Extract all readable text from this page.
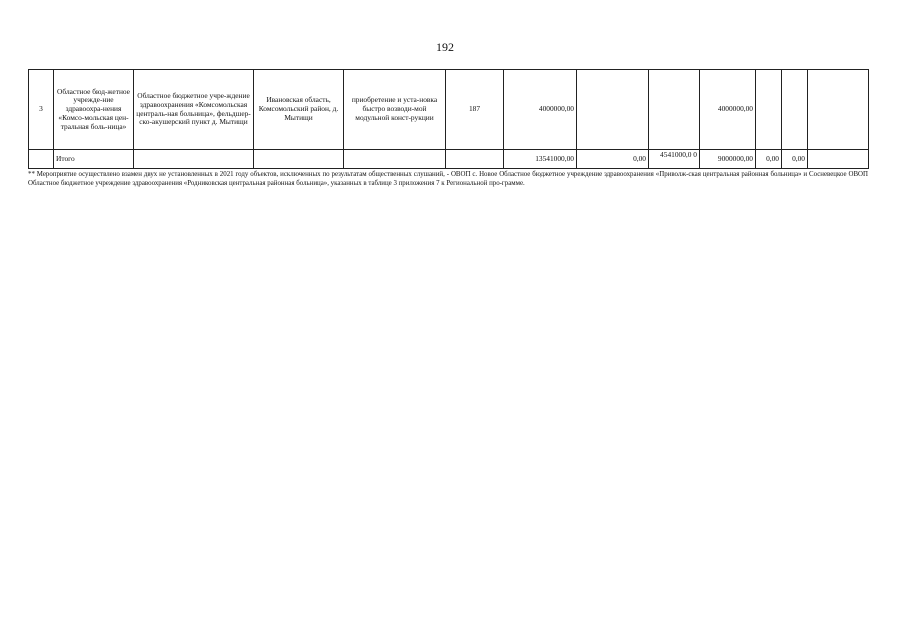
192
3	Областное бюд-жетное учрежде-ние здравоохра-нения «Комсо-мольская цен-тральная боль-ница»	Областное бюджетное учре-ждение здравоохранения «Комсомольская централь-ная больница», фельдшер-ско-акушерский пункт д. Мытищи	Ивановская область, Комсомольский район, д. Мытищи	приобретение и уста-новка быстро возводи-мой модульной конст-рукции	187	4000000,00			4000000,00			
	Итого					13541000,00	0,00	4541000,0 0	9000000,00	0,00	0,00	
** Мероприятие осуществлено взамен двух не установленных в 2021 году объектов, исключенных по результатам общественных слушаний, - ОВОП с. Новое Областное бюджетное учреждение здравоохранения «Приволж-ская центральная районная больница» и Сосневецкое ОВОП Областное бюджетное учреждение здравоохранения «Родниковская центральная районная больница», указанных в таблице 3 приложения 7 к Региональной про-грамме.
